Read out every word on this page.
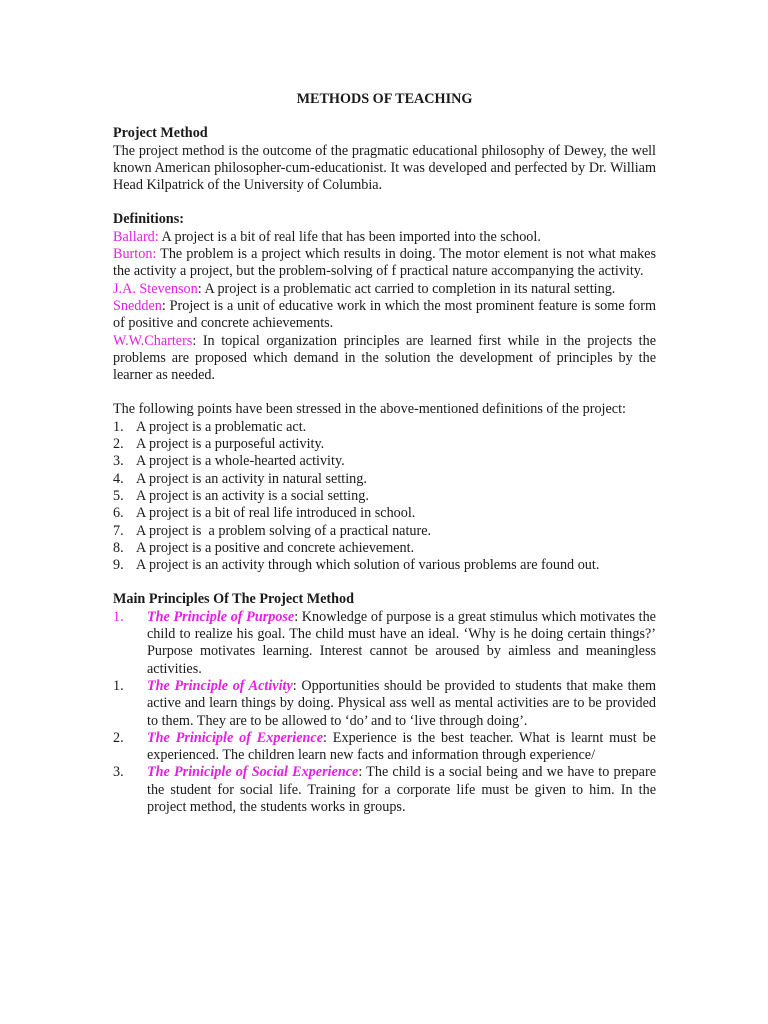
METHODS OF TEACHING

Project Method

The project method is the outcome of the pragmatic educational philosophy of Dewey, the well known American philosopher-cum-educationist. It was developed and perfected by Dr. William Head Kilpatrick of the University of Columbia.

Definitions:

Ballard: A project is a bit of real life that has been imported into the school.

Burton: The problem is a project which results in doing. The motor element is not what makes the activity a project, but the problem-solving of f practical nature accompanying the activity.

J.A. Stevenson: A project is a problematic act carried to completion in its natural setting.

Snedden: Project is a unit of educative work in which the most prominent feature is some form of positive and concrete achievements.

W.W.Charters: In topical organization principles are learned first while in the projects the problems are proposed which demand in the solution the development of principles by the learner as needed.

The following points have been stressed in the above-mentioned definitions of the project:

1. A project is a problematic act.
2. A project is a purposeful activity.
3. A project is a whole-hearted activity.
4. A project is an activity in natural setting.
5. A project is an activity is a social setting.
6. A project is a bit of real life introduced in school.
7. A project is  a problem solving of a practical nature.
8. A project is a positive and concrete achievement.
9. A project is an activity through which solution of various problems are found out.

Main Principles Of The Project Method

1.	The Principle of Purpose: Knowledge of purpose is a great stimulus which motivates the child to realize his goal. The child must have an ideal. ‘Why is he doing certain things?’ Purpose motivates learning. Interest cannot be aroused by aimless and meaningless activities.
1.	The Principle of Activity: Opportunities should be provided to students that make them active and learn things by doing. Physical ass well as mental activities are to be provided to them. They are to be allowed to ‘do’ and to ‘live through doing’.
2.	The Priniciple of Experience: Experience is the best teacher. What is learnt must be experienced. The children learn new facts and information through experience/
3.	The Priniciple of Social Experience: The child is a social being and we have to prepare the student for social life. Training for a corporate life must be given to him. In the project method, the students works in groups.
